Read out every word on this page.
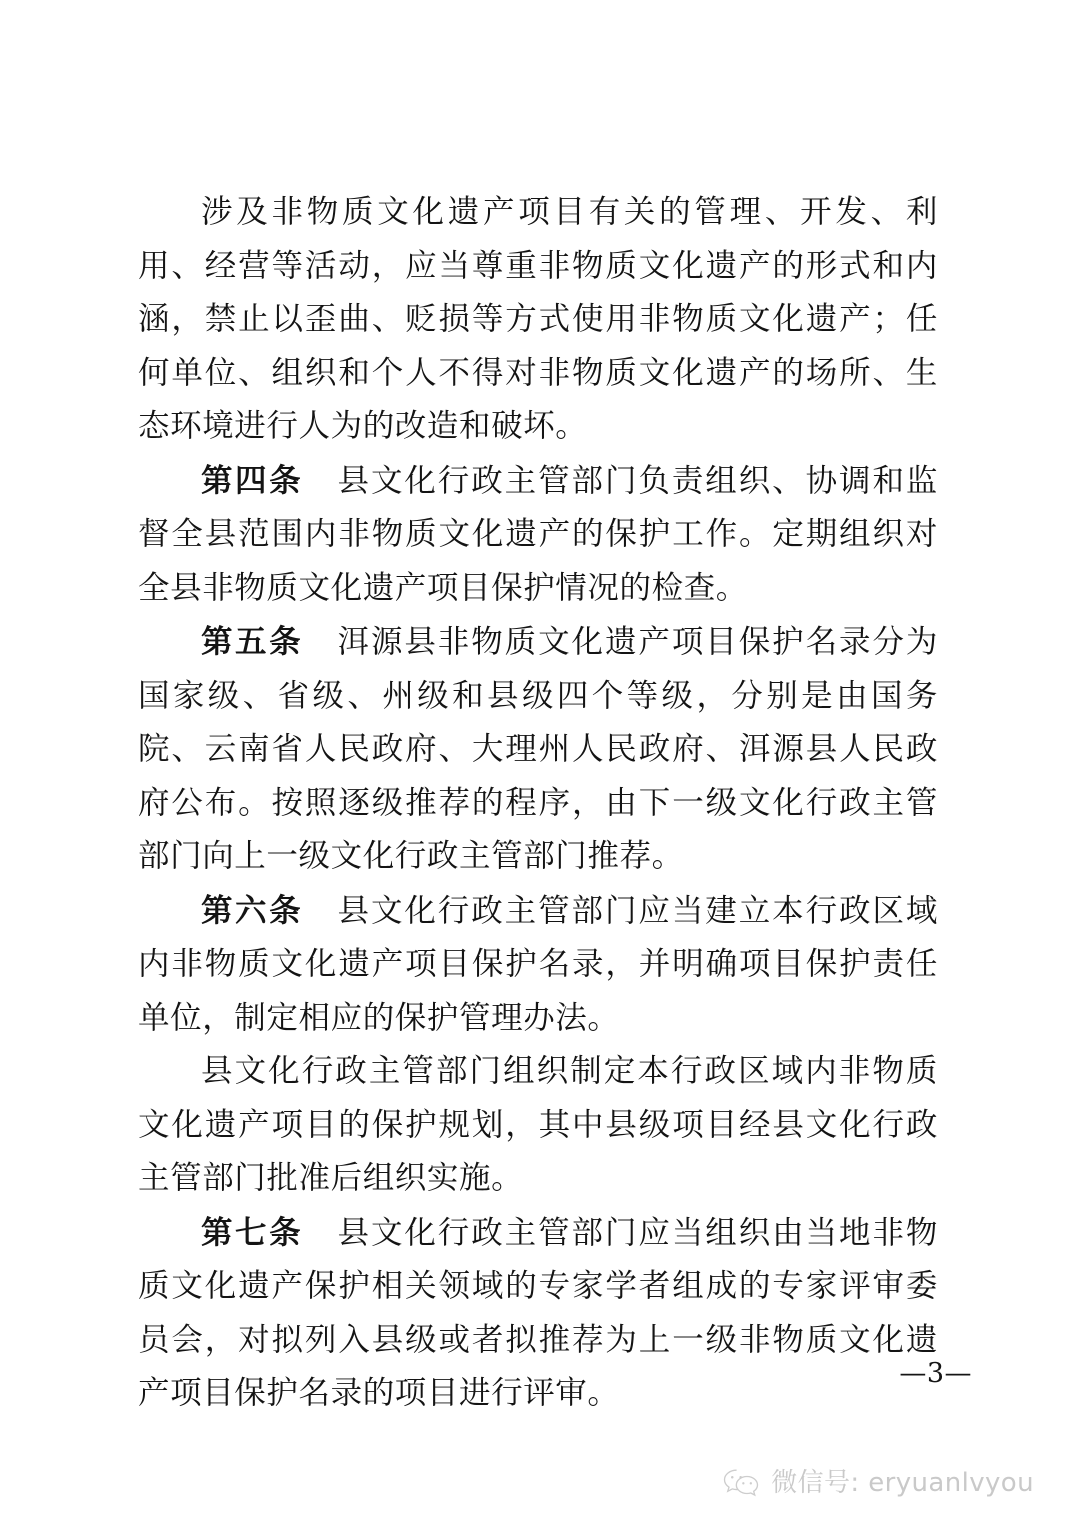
涉及非物质文化遗产项目有关的管理、开发、利用、经营等活动，应当尊重非物质文化遗产的形式和内涵，禁止以歪曲、贬损等方式使用非物质文化遗产；任何单位、组织和个人不得对非物质文化遗产的场所、生态环境进行人为的改造和破坏。

第四条 县文化行政主管部门负责组织、协调和监督全县范围内非物质文化遗产的保护工作。定期组织对全县非物质文化遗产项目保护情况的检查。

第五条 洱源县非物质文化遗产项目保护名录分为国家级、省级、州级和县级四个等级，分别是由国务院、云南省人民政府、大理州人民政府、洱源县人民政府公布。按照逐级推荐的程序，由下一级文化行政主管部门向上一级文化行政主管部门推荐。

第六条 县文化行政主管部门应当建立本行政区域内非物质文化遗产项目保护名录，并明确项目保护责任单位，制定相应的保护管理办法。

县文化行政主管部门组织制定本行政区域内非物质文化遗产项目的保护规划，其中县级项目经县文化行政主管部门批准后组织实施。

第七条 县文化行政主管部门应当组织由当地非物质文化遗产保护相关领域的专家学者组成的专家评审委员会，对拟列入县级或者拟推荐为上一级非物质文化遗产项目保护名录的项目进行评审。

—3—
微信号: eryuanlvyou
